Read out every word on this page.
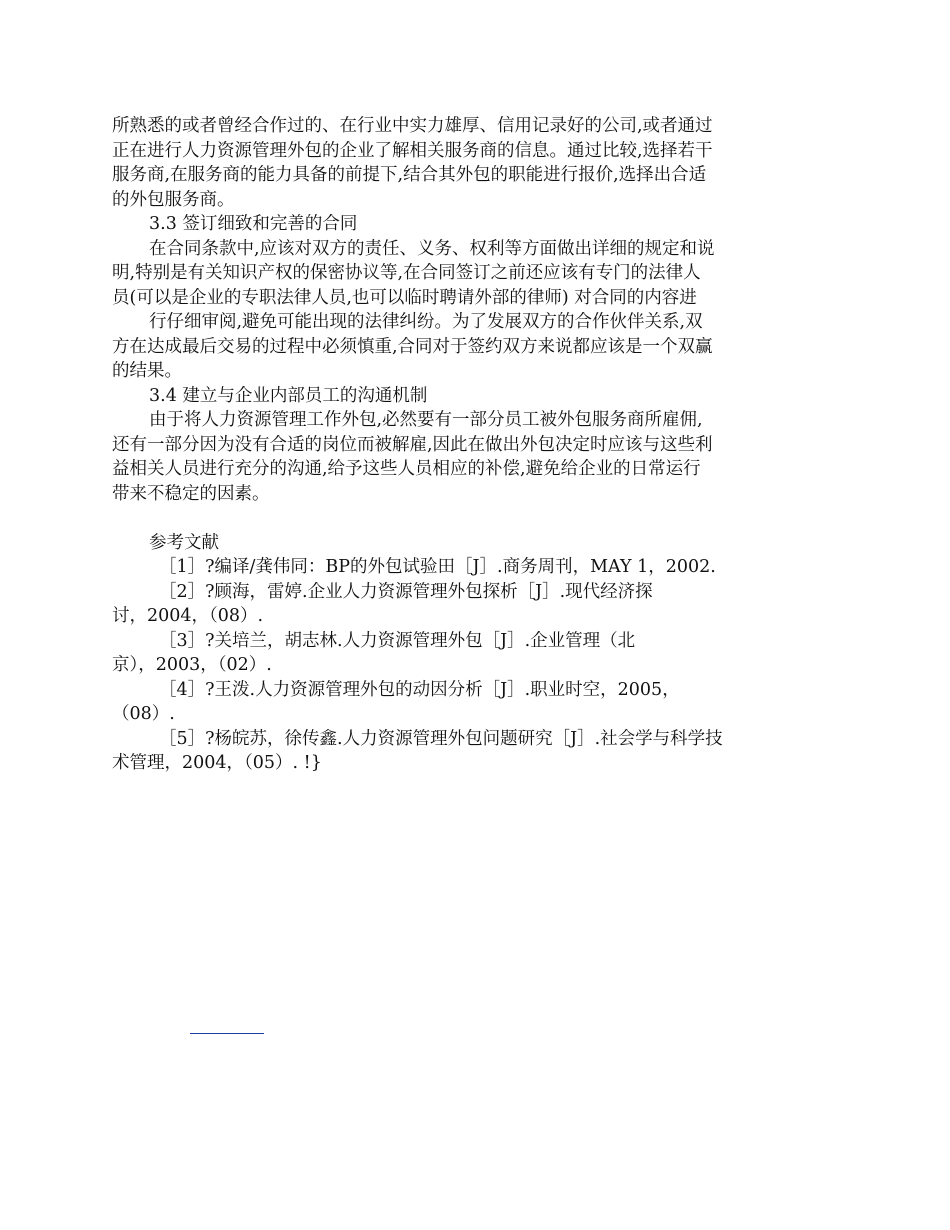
所熟悉的或者曾经合作过的、在行业中实力雄厚、信用记录好的公司,或者通过
正在进行人力资源管理外包的企业了解相关服务商的信息。通过比较,选择若干
服务商,在服务商的能力具备的前提下,结合其外包的职能进行报价,选择出合适
的外包服务商。
3.3 签订细致和完善的合同
在合同条款中,应该对双方的责任、义务、权利等方面做出详细的规定和说
明,特别是有关知识产权的保密协议等,在合同签订之前还应该有专门的法律人
员(可以是企业的专职法律人员,也可以临时聘请外部的律师) 对合同的内容进
行仔细审阅,避免可能出现的法律纠纷。为了发展双方的合作伙伴关系,双
方在达成最后交易的过程中必须慎重,合同对于签约双方来说都应该是一个双赢
的结果。
3.4 建立与企业内部员工的沟通机制
由于将人力资源管理工作外包,必然要有一部分员工被外包服务商所雇佣,
还有一部分因为没有合适的岗位而被解雇,因此在做出外包决定时应该与这些利
益相关人员进行充分的沟通,给予这些人员相应的补偿,避免给企业的日常运行
带来不稳定的因素。
参考文献
［1］?编译/龚伟同：BP的外包试验田［J］.商务周刊，MAY 1，2002.
［2］?顾海，雷婷.企业人力资源管理外包探析［J］.现代经济探
讨，2004，（08）.
［3］?关培兰，胡志林.人力资源管理外包［J］.企业管理（北
京），2003，（02）.
［4］?王泼.人力资源管理外包的动因分析［J］.职业时空，2005，
（08）.
［5］?杨皖苏，徐传鑫.人力资源管理外包问题研究［J］.社会学与科学技
术管理，2004，（05）. !}
